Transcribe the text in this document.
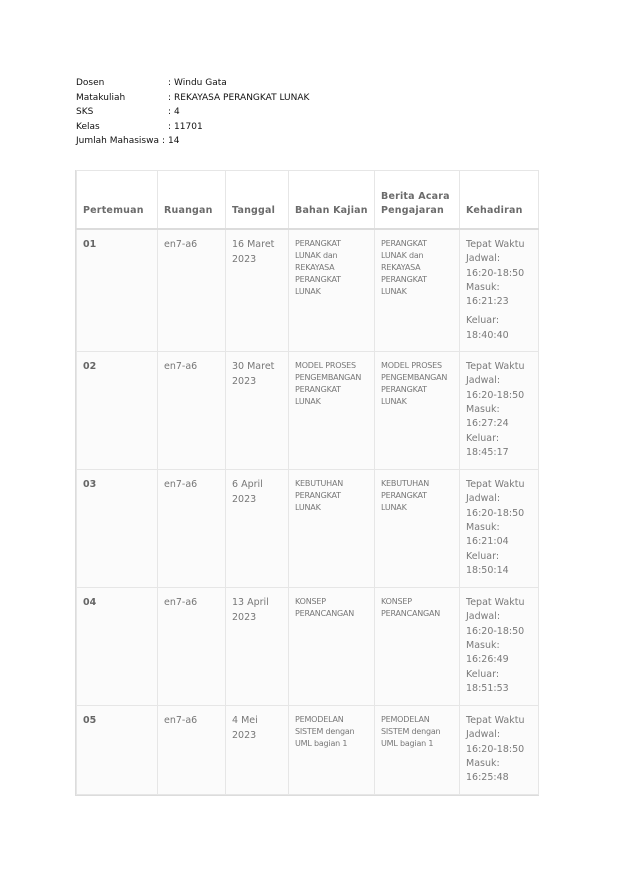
Dosen	: Windu Gata
Matakuliah	: REKAYASA PERANGKAT LUNAK
SKS	: 4
Kelas	: 11701
Jumlah Mahasiswa : 14
Pertemuan	Ruangan	Tanggal	Bahan Kajian	Berita Acara Pengajaran	Kehadiran
01	en7-a6	16 Maret 2023	PERANGKAT LUNAK dan REKAYASA PERANGKAT LUNAK	PERANGKAT LUNAK dan REKAYASA PERANGKAT LUNAK	Tepat Waktu
Jadwal: 16:20-18:50
Masuk: 16:21:23
Keluar: 18:40:40

02	en7-a6	30 Maret 2023	MODEL PROSES PENGEMBANGAN PERANGKAT LUNAK	MODEL PROSES PENGEMBANGAN PERANGKAT LUNAK	Tepat Waktu
Jadwal: 16:20-18:50
Masuk: 16:27:24
Keluar: 18:45:17

03	en7-a6	6 April 2023	KEBUTUHAN PERANGKAT LUNAK	KEBUTUHAN PERANGKAT LUNAK	Tepat Waktu
Jadwal: 16:20-18:50
Masuk: 16:21:04
Keluar: 18:50:14

04	en7-a6	13 April 2023	KONSEP PERANCANGAN	KONSEP PERANCANGAN	Tepat Waktu
Jadwal: 16:20-18:50
Masuk: 16:26:49
Keluar: 18:51:53

05	en7-a6	4 Mei 2023	PEMODELAN SISTEM dengan UML bagian 1	PEMODELAN SISTEM dengan UML bagian 1	Tepat Waktu
Jadwal: 16:20-18:50
Masuk: 16:25:48
